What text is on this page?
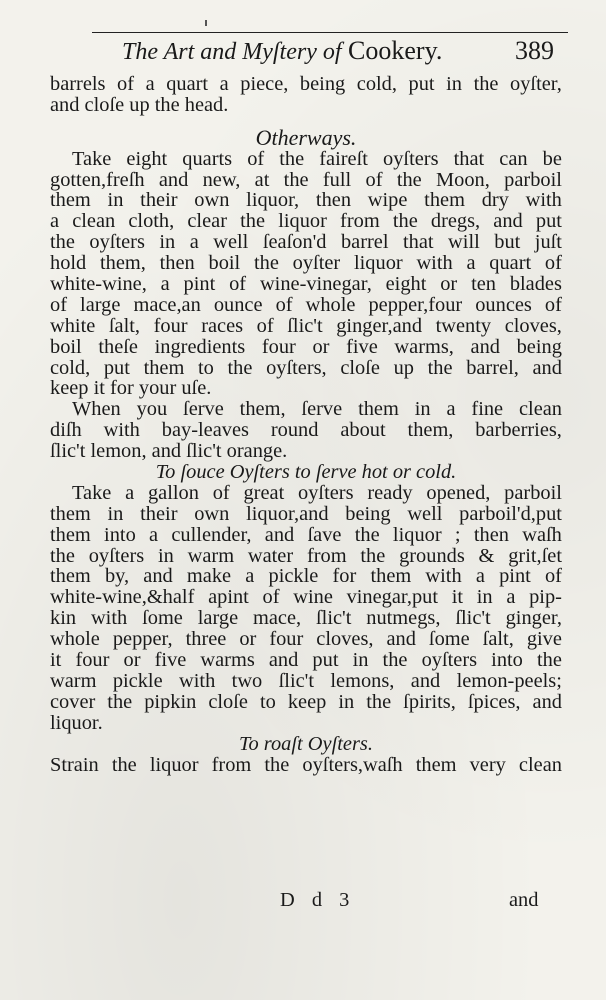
The Art and Myſtery of Cookery.	389
barrels of a quart a piece, being cold, put in the oyſter,
and cloſe up the head.
Otherways.
Take eight quarts of the faireſt oyſters that can be
gotten,freſh and new, at the full of the Moon, parboil
them in their own liquor, then wipe them dry with
a clean cloth, clear the liquor from the dregs, and put
the oyſters in a well ſeaſon'd barrel that will but juſt
hold them, then boil the oyſter liquor with a quart of
white-wine, a pint of wine-vinegar, eight or ten blades
of large mace,an ounce of whole pepper,four ounces of
white ſalt, four races of ſlic't ginger,and twenty cloves,
boil theſe ingredients four or five warms, and being
cold, put them to the oyſters, cloſe up the barrel, and
keep it for your uſe.
When you ſerve them, ſerve them in a fine clean
diſh with bay-leaves round about them, barberries,
ſlic't lemon, and ſlic't orange.
To ſouce Oyſters to ſerve hot or cold.
Take a gallon of great oyſters ready opened, parboil
them in their own liquor,and being well parboil'd,put
them into a cullender, and ſave the liquor ; then waſh
the oyſters in warm water from the grounds & grit,ſet
them by, and make a pickle for them with a pint of
white-wine,&half apint of wine vinegar,put it in a pip-
kin with ſome large mace, ſlic't nutmegs, ſlic't ginger,
whole pepper, three or four cloves, and ſome ſalt, give
it four or five warms and put in the oyſters into the
warm pickle with two ſlic't lemons, and lemon-peels;
cover the pipkin cloſe to keep in the ſpirits, ſpices, and
liquor.
To roaſt Oyſters.
Strain the liquor from the oyſters,waſh them very clean
D d 3	and
